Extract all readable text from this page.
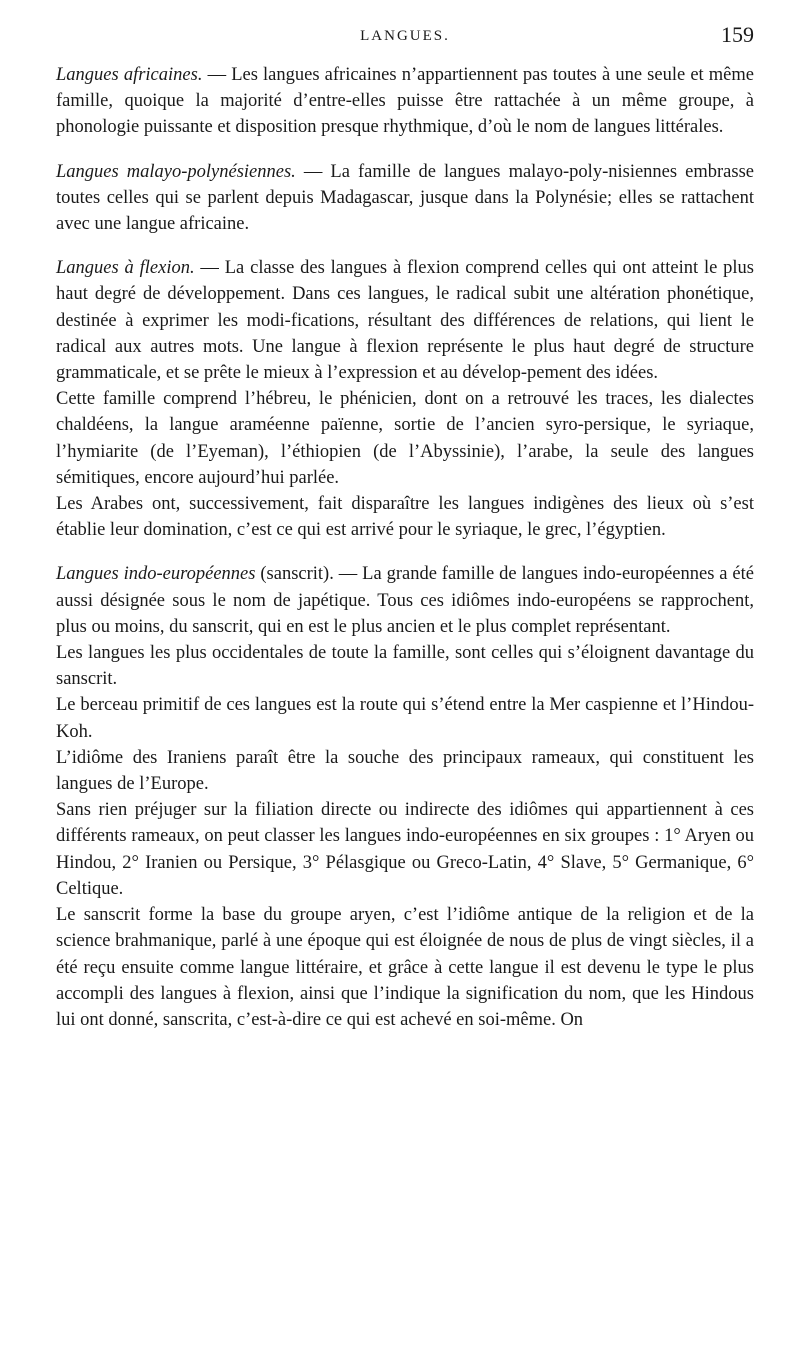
LANGUES.	159

Langues africaines. — Les langues africaines n’appartiennent pas toutes à une seule et même famille, quoique la majorité d’entre-elles puisse être rattachée à un même groupe, à phonologie puissante et disposition presque rhythmique, d’où le nom de langues littérales.

Langues malayo-polynésiennes. — La famille de langues malayo-poly-nisiennes embrasse toutes celles qui se parlent depuis Madagascar, jusque dans la Polynésie; elles se rattachent avec une langue africaine.

Langues à flexion. — La classe des langues à flexion comprend celles qui ont atteint le plus haut degré de développement. Dans ces langues, le radical subit une altération phonétique, destinée à exprimer les modi-fications, résultant des différences de relations, qui lient le radical aux autres mots. Une langue à flexion représente le plus haut degré de structure grammaticale, et se prête le mieux à l’expression et au dévelop-pement des idées.

Cette famille comprend l’hébreu, le phénicien, dont on a retrouvé les traces, les dialectes chaldéens, la langue araméenne païenne, sortie de l’ancien syro-persique, le syriaque, l’hymiarite (de l’Eyeman), l’éthiopien (de l’Abyssinie), l’arabe, la seule des langues sémitiques, encore aujourd’hui parlée.

Les Arabes ont, successivement, fait disparaître les langues indigènes des lieux où s’est établie leur domination, c’est ce qui est arrivé pour le syriaque, le grec, l’égyptien.

Langues indo-européennes (sanscrit). — La grande famille de langues indo-européennes a été aussi désignée sous le nom de japétique. Tous ces idiômes indo-européens se rapprochent, plus ou moins, du sanscrit, qui en est le plus ancien et le plus complet représentant.

Les langues les plus occidentales de toute la famille, sont celles qui s’éloignent davantage du sanscrit.

Le berceau primitif de ces langues est la route qui s’étend entre la Mer caspienne et l’Hindou-Koh.

L’idiôme des Iraniens paraît être la souche des principaux rameaux, qui constituent les langues de l’Europe.

Sans rien préjuger sur la filiation directe ou indirecte des idiômes qui appartiennent à ces différents rameaux, on peut classer les langues indo-européennes en six groupes : 1° Aryen ou Hindou, 2° Iranien ou Persique, 3° Pélasgique ou Greco-Latin, 4° Slave, 5° Germanique, 6° Celtique.

Le sanscrit forme la base du groupe aryen, c’est l’idiôme antique de la religion et de la science brahmanique, parlé à une époque qui est éloignée de nous de plus de vingt siècles, il a été reçu ensuite comme langue littéraire, et grâce à cette langue il est devenu le type le plus accompli des langues à flexion, ainsi que l’indique la signification du nom, que les Hindous lui ont donné, sanscrita, c’est-à-dire ce qui est achevé en soi-même. On
